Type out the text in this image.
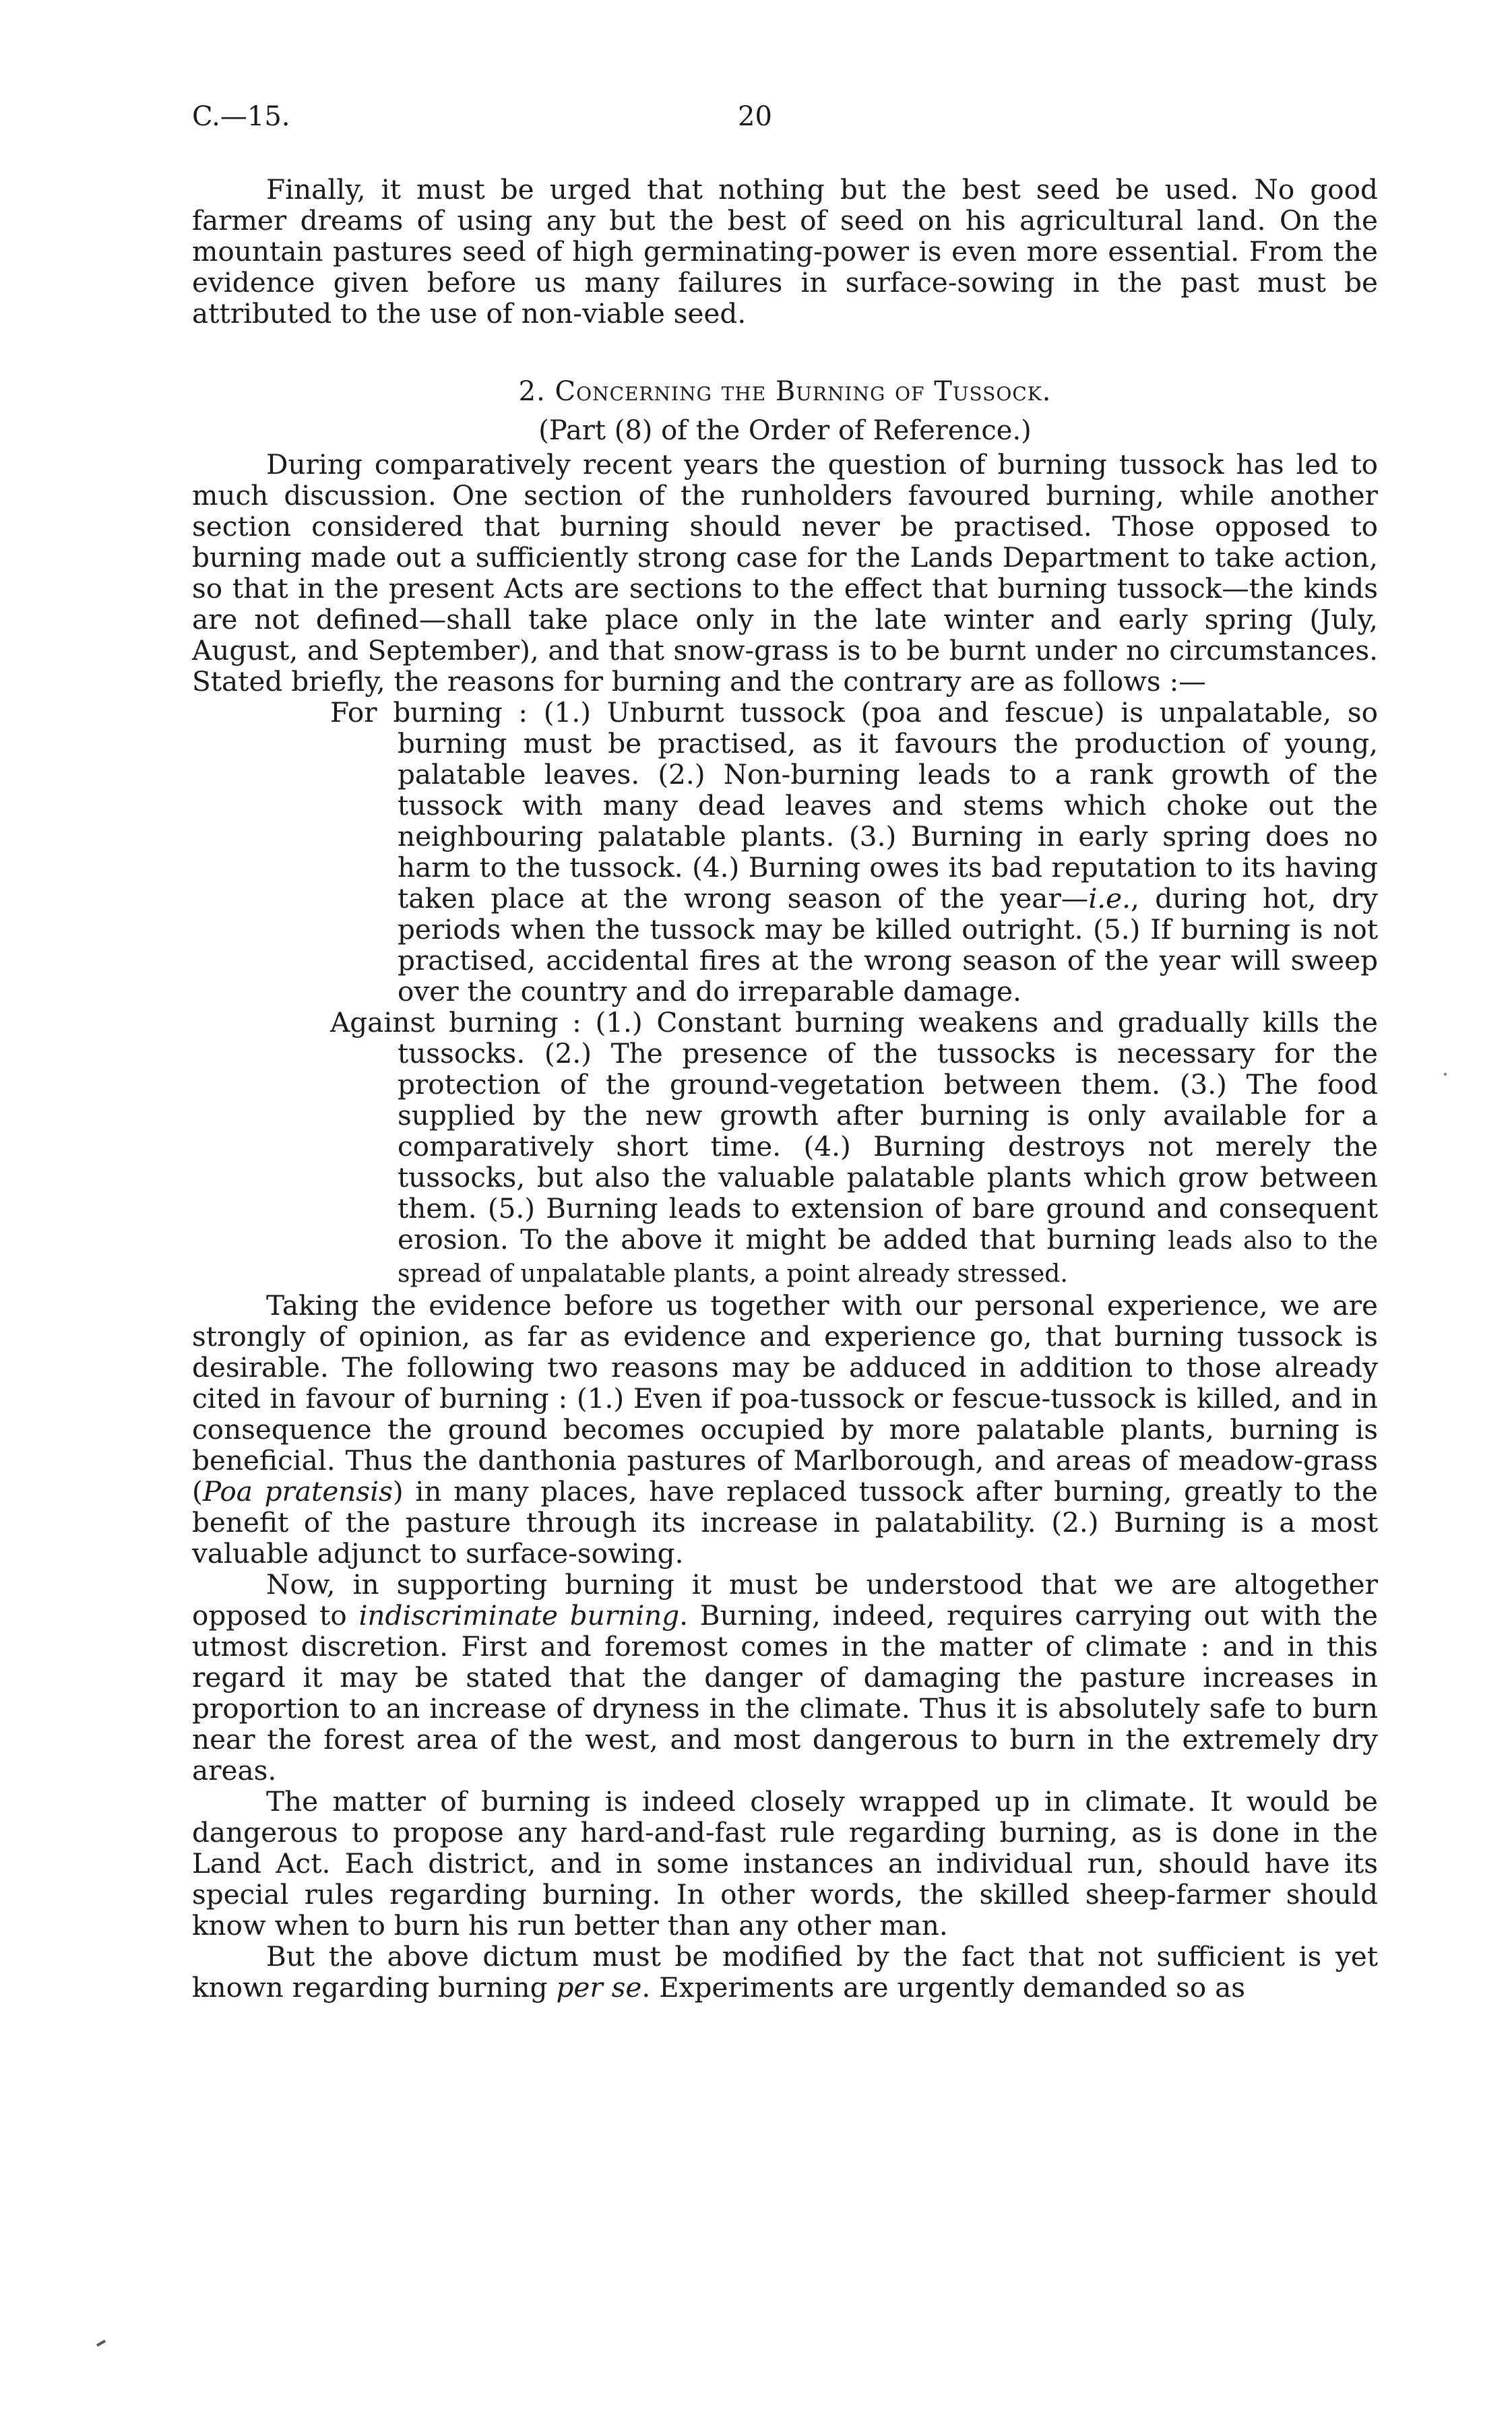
C.—15.	20

Finally, it must be urged that nothing but the best seed be used. No good farmer dreams of using any but the best of seed on his agricultural land. On the mountain pastures seed of high germinating-power is even more essential. From the evidence given before us many failures in surface-sowing in the past must be attributed to the use of non-viable seed.

2. Concerning the Burning of Tussock.
(Part (8) of the Order of Reference.)

During comparatively recent years the question of burning tussock has led to much discussion. One section of the runholders favoured burning, while another section considered that burning should never be practised. Those opposed to burning made out a sufficiently strong case for the Lands Department to take action, so that in the present Acts are sections to the effect that burning tussock—the kinds are not defined—shall take place only in the late winter and early spring (July, August, and September), and that snow-grass is to be burnt under no circumstances. Stated briefly, the reasons for burning and the contrary are as follows :—

For burning : (1.) Unburnt tussock (poa and fescue) is unpalatable, so burning must be practised, as it favours the production of young, palatable leaves. (2.) Non-burning leads to a rank growth of the tussock with many dead leaves and stems which choke out the neighbouring palatable plants. (3.) Burning in early spring does no harm to the tussock. (4.) Burning owes its bad reputation to its having taken place at the wrong season of the year—i.e., during hot, dry periods when the tussock may be killed outright. (5.) If burning is not practised, accidental fires at the wrong season of the year will sweep over the country and do irreparable damage.
Against burning : (1.) Constant burning weakens and gradually kills the tussocks. (2.) The presence of the tussocks is necessary for the protection of the ground-vegetation between them. (3.) The food supplied by the new growth after burning is only available for a comparatively short time. (4.) Burning destroys not merely the tussocks, but also the valuable palatable plants which grow between them. (5.) Burning leads to extension of bare ground and consequent erosion. To the above it might be added that burning leads also to the spread of unpalatable plants, a point already stressed.

Taking the evidence before us together with our personal experience, we are strongly of opinion, as far as evidence and experience go, that burning tussock is desirable. The following two reasons may be adduced in addition to those already cited in favour of burning : (1.) Even if poa-tussock or fescue-tussock is killed, and in consequence the ground becomes occupied by more palatable plants, burning is beneficial. Thus the danthonia pastures of Marlborough, and areas of meadow-grass (Poa pratensis) in many places, have replaced tussock after burning, greatly to the benefit of the pasture through its increase in palatability. (2.) Burning is a most valuable adjunct to surface-sowing.

Now, in supporting burning it must be understood that we are altogether opposed to indiscriminate burning. Burning, indeed, requires carrying out with the utmost discretion. First and foremost comes in the matter of climate : and in this regard it may be stated that the danger of damaging the pasture increases in proportion to an increase of dryness in the climate. Thus it is absolutely safe to burn near the forest area of the west, and most dangerous to burn in the extremely dry areas.

The matter of burning is indeed closely wrapped up in climate. It would be dangerous to propose any hard-and-fast rule regarding burning, as is done in the Land Act. Each district, and in some instances an individual run, should have its special rules regarding burning. In other words, the skilled sheep-farmer should know when to burn his run better than any other man.

But the above dictum must be modified by the fact that not sufficient is yet known regarding burning per se. Experiments are urgently demanded so as
